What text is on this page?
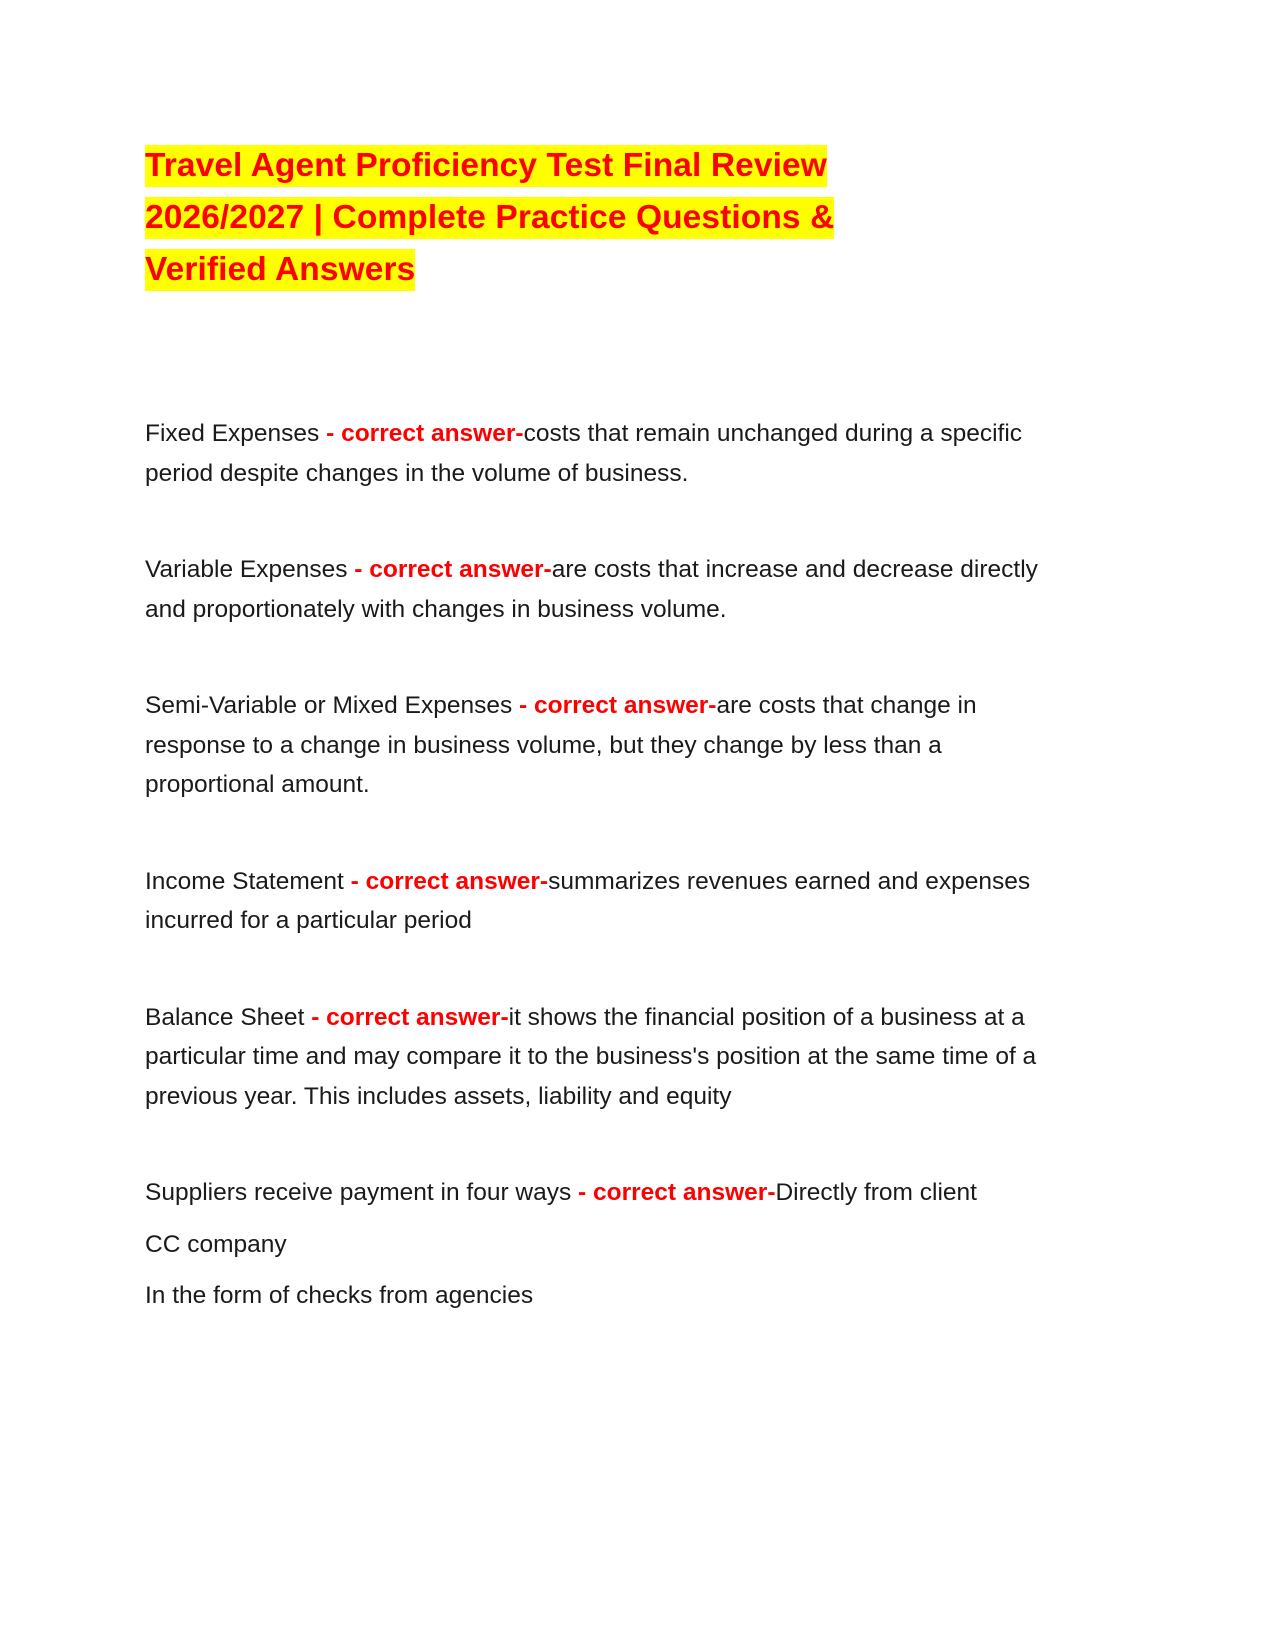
Travel Agent Proficiency Test Final Review
2026/2027 | Complete Practice Questions &
Verified Answers

Fixed Expenses - correct answer-costs that remain unchanged during a specific period despite changes in the volume of business.

Variable Expenses - correct answer-are costs that increase and decrease directly and proportionately with changes in business volume.

Semi-Variable or Mixed Expenses - correct answer-are costs that change in response to a change in business volume, but they change by less than a proportional amount.

Income Statement - correct answer-summarizes revenues earned and expenses incurred for a particular period

Balance Sheet - correct answer-it shows the financial position of a business at a particular time and may compare it to the business's position at the same time of a previous year. This includes assets, liability and equity

Suppliers receive payment in four ways - correct answer-Directly from client

CC company

In the form of checks from agencies
